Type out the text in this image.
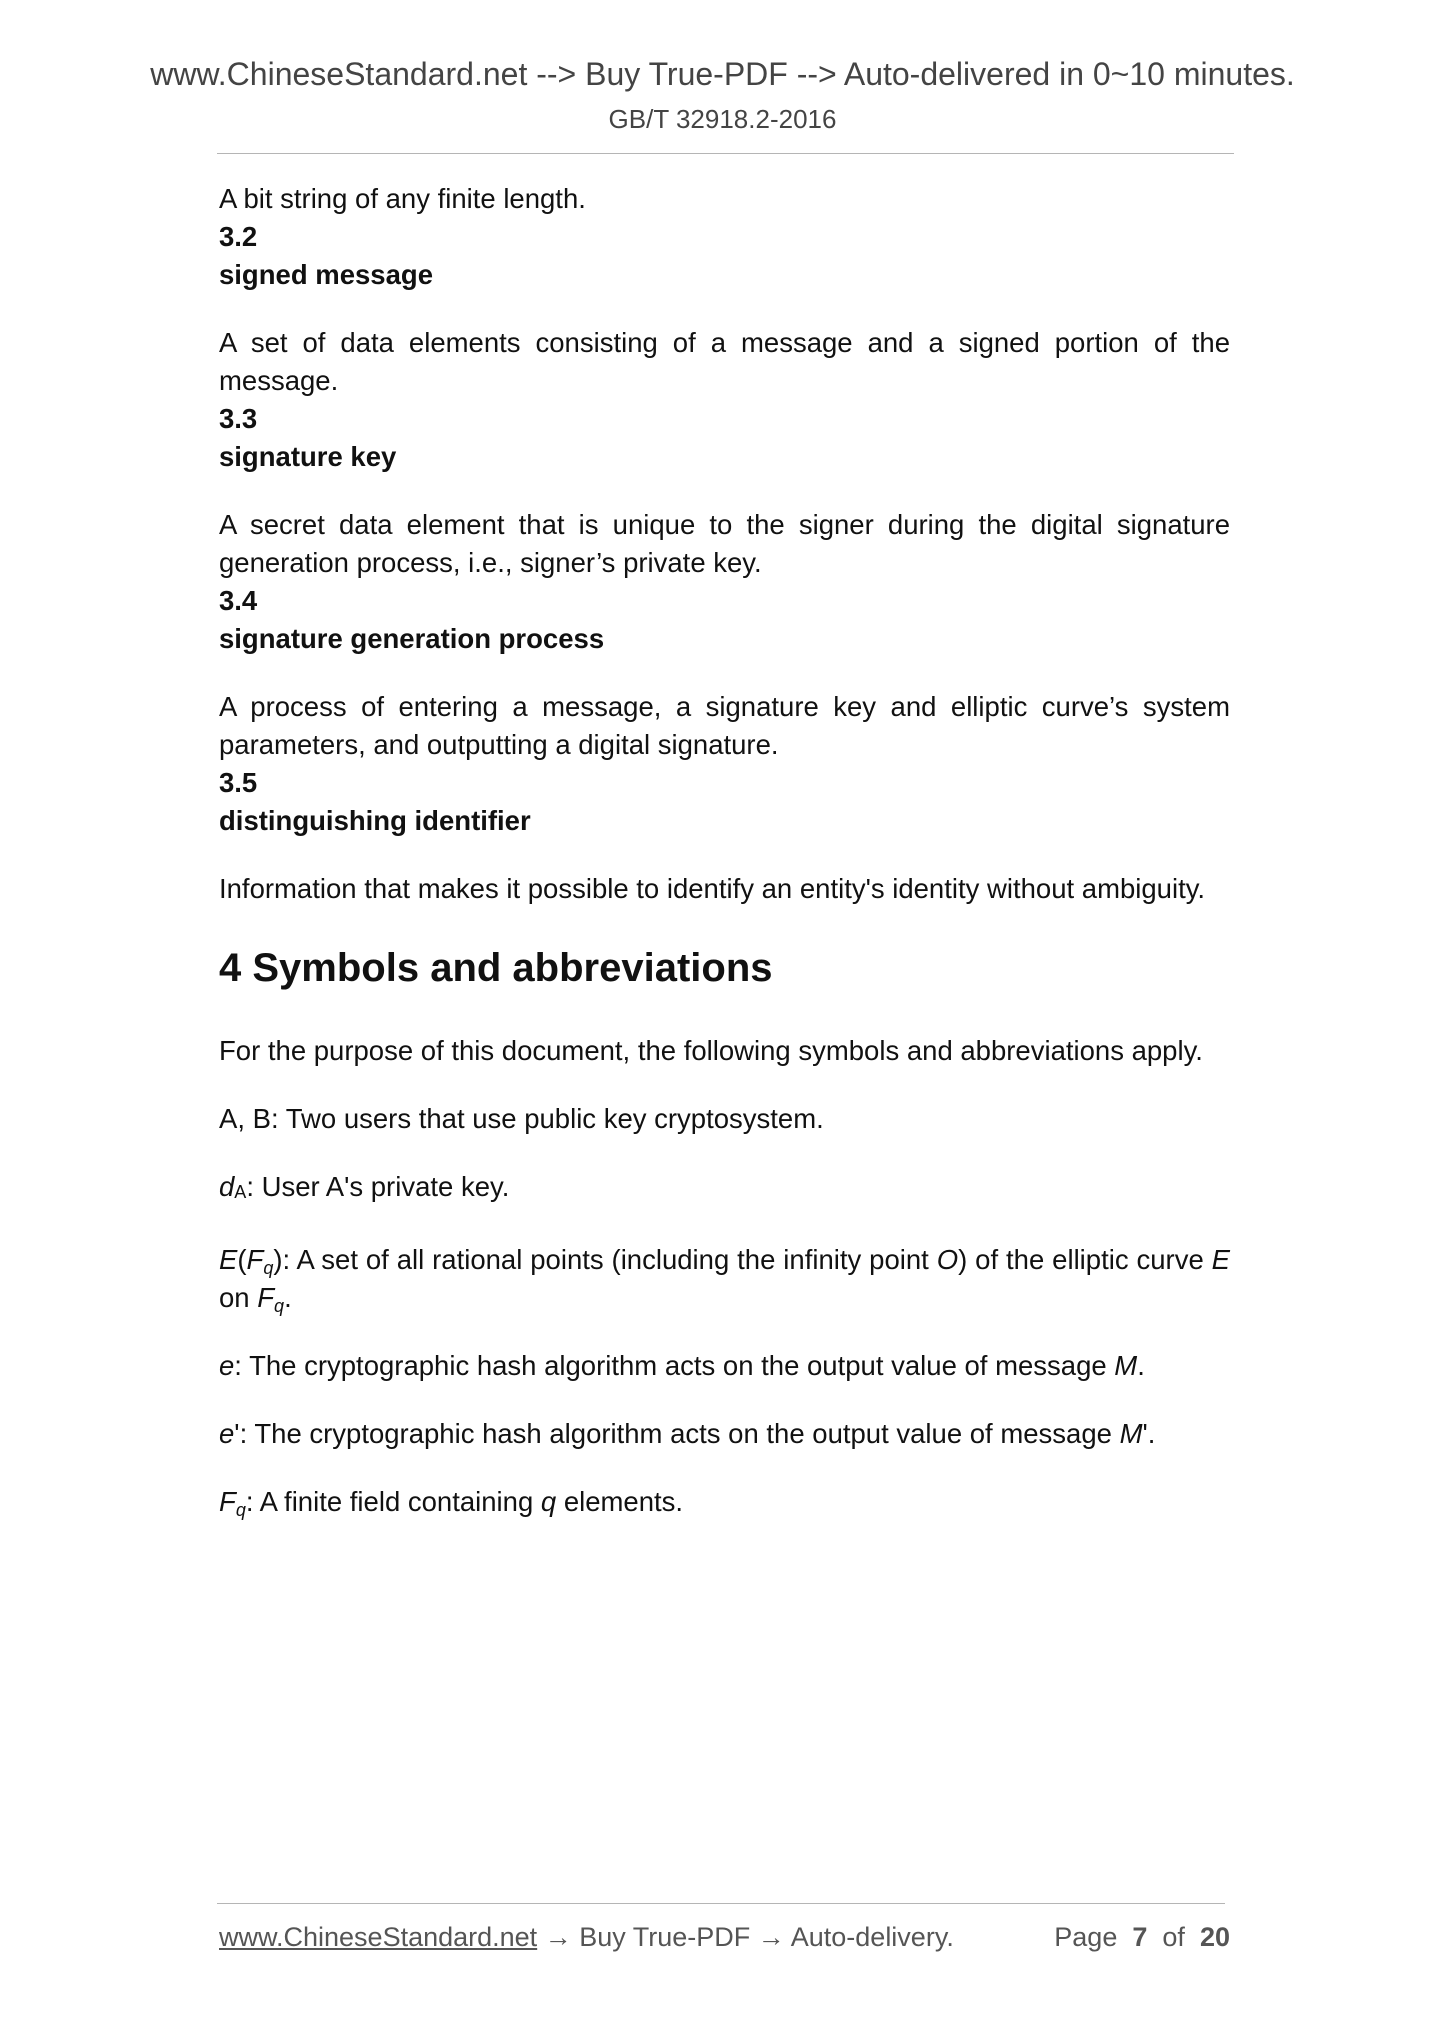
www.ChineseStandard.net --> Buy True-PDF --> Auto-delivered in 0~10 minutes.
GB/T 32918.2-2016

A bit string of any finite length.

3.2

signed message

A set of data elements consisting of a message and a signed portion of the message.

3.3

signature key

A secret data element that is unique to the signer during the digital signature generation process, i.e., signer’s private key.

3.4

signature generation process

A process of entering a message, a signature key and elliptic curve’s system parameters, and outputting a digital signature.

3.5

distinguishing identifier

Information that makes it possible to identify an entity's identity without ambiguity.

4 Symbols and abbreviations

For the purpose of this document, the following symbols and abbreviations apply.

A, B: Two users that use public key cryptosystem.

dA: User A's private key.

$E(F_q)$: A set of all rational points (including the infinity point O) of the elliptic curve E on $F_q$.

e: The cryptographic hash algorithm acts on the output value of message M.

e': The cryptographic hash algorithm acts on the output value of message M'.

$F_q$: A finite field containing q elements.

www.ChineseStandard.net → Buy True-PDF → Auto-delivery.	Page 7 of 20
